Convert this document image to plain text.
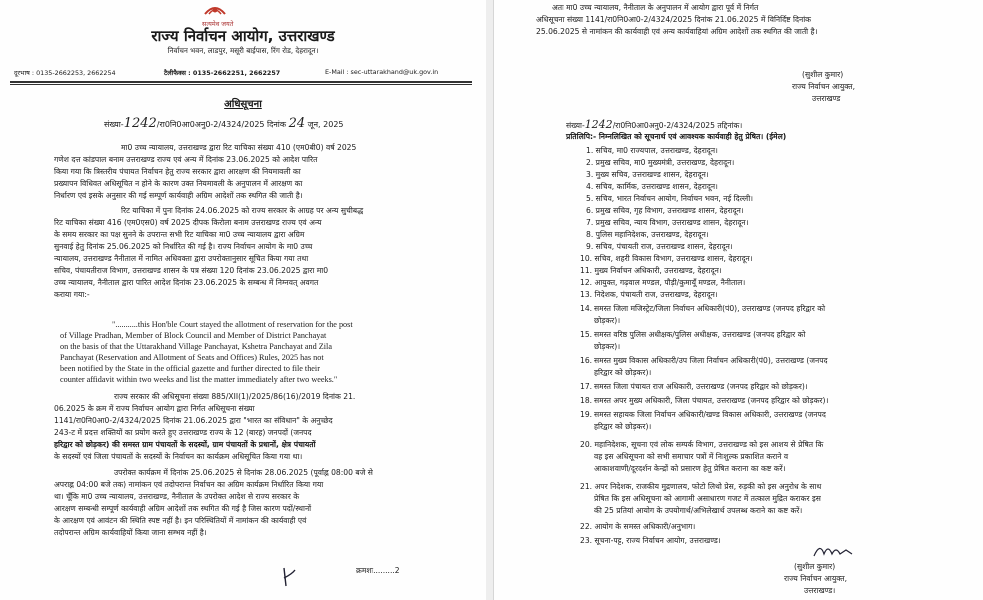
सत्यमेव जयते
राज्य निर्वाचन आयोग, उत्तराखण्ड
निर्वाचन भवन, लाडपुर, मसूरी बाईपास, रिंग रोड, देहरादून।
दूरभाष : 0135-2662253, 2662254	टैलीफैक्स : 0135-2662251, 2662257	E-Mail : sec-uttarakhand@uk.gov.in
अधिसूचना
संख्या-1242/रा0नि0आ0अनु0-2/4324/2025 दिनांक 24 जून, 2025
मा0 उच्च न्यायालय, उत्तराखण्ड द्वारा रिट याचिका संख्या 410 (एम0बी0) वर्ष 2025
गणेश दत्त कांडपाल बनाम उत्तराखण्ड राज्य एवं अन्य में दिनांक 23.06.2025 को आदेश पारित
किया गया कि त्रिस्तरीय पंचायत निर्वाचन हेतु राज्य सरकार द्वारा आरक्षण की नियमावली का
प्रख्यापन विधिवत अधिसूचित न होने के कारण उक्त नियमावली के अनुपालन में आरक्षण का
निर्धारण एवं इसके अनुसार की गई सम्पूर्ण कार्यवाही अग्रिम आदेशों तक स्थगित की जाती है।
रिट याचिका में पुनः दिनांक 24.06.2025 को राज्य सरकार के आग्रह पर अन्य सुचीबद्ध
रिट याचिका संख्या 416 (एम0एस0) वर्ष 2025 दीपक किरोला बनाम उत्तराखण्ड राज्य एवं अन्य
के समय सरकार का पक्ष सुनने के उपरान्त सभी रिट याचिका मा0 उच्च न्यायालय द्वारा अग्रिम
सुनवाई हेतु दिनांक 25.06.2025 को निर्धारित की गई है। राज्य निर्वाचन आयोग के मा0 उच्च
न्यायालय, उत्तराखण्ड नैनीताल में नामित अधिवक्ता द्वारा उपरोक्तानुसार सूचित किया गया तथा
सचिव, पंचायतीराज विभाग, उत्तराखण्ड शासन के पत्र संख्या 120 दिनांक 23.06.2025 द्वारा मा0
उच्च न्यायालय, नैनीताल द्वारा पारित आदेश दिनांक 23.06.2025 के सम्बन्ध में निम्नवत् अवगत
कराया गया:-
"...........this Hon'ble Court stayed the allotment of reservation for the post
of Village Pradhan, Member of Block Council and Member of District Panchayat
on the basis of that the Uttarakhand Village Panchayat, Kshetra Panchayat and Zila
Panchayat (Reservation and Allotment of Seats and Offices) Rules, 2025 has not
been notified by the State in the official gazette and further directed to file their
counter affidavit within two weeks and list the matter immediately after two weeks."
राज्य सरकार की अधिसूचना संख्या 885/XII(1)/2025/86(16)/2019 दिनांक 21.
06.2025 के क्रम में राज्य निर्वाचन आयोग द्वारा निर्गत अधिसूचना संख्या
1141/रा0नि0आ0-2/4324/2025 दिनांक 21.06.2025 द्वारा "भारत का संविधान" के अनुच्छेद
243-ट में प्रदत्त शक्तियों का प्रयोग करते हुए उत्तराखण्ड राज्य के 12 (बारह) जनपदों (जनपद
हरिद्वार को छोड़कर) की समस्त ग्राम पंचायतों के सदस्यों, ग्राम पंचायतों के प्रधानों, क्षेत्र पंचायतों
के सदस्यों एवं जिला पंचायतों के सदस्यों के निर्वाचन का कार्यक्रम अधिसूचित किया गया था।
उपरोक्त कार्यक्रम में दिनांक 25.06.2025 से दिनांक 28.06.2025 (पूर्वाह्न 08:00 बजे से
अपराह्न 04:00 बजे तक) नामांकन एवं तदोपरान्त निर्वाचन का अग्रिम कार्यक्रम निर्धारित किया गया
था। चूँकि मा0 उच्च न्यायालय, उत्तराखण्ड, नैनीताल के उपरोक्त आदेश से राज्य सरकार के
आरक्षण सम्बन्धी सम्पूर्ण कार्यवाही अग्रिम आदेशों तक स्थगित की गई है जिस कारण पदों/स्थानों
के आरक्षण एवं आवंटन की स्थिति स्पष्ट नहीं है। इन परिस्थितियों में नामांकन की कार्यवाही एवं
तदोपरान्त अग्रिम कार्यवाहियों किया जाना सम्भव नहीं है।
क्रमशः.........2
अतः मा0 उच्च न्यायालय, नैनीताल के अनुपालन में आयोग द्वारा पूर्व में निर्गत
अधिसूचना संख्या 1141/रा0नि0आ0-2/4324/2025 दिनांक 21.06.2025 में विनिर्दिष्ट दिनांक
25.06.2025 से नामांकन की कार्यवाही एवं अन्य कार्यवाहियां अग्रिम आदेशों तक स्थगित की जाती है।
(सुशील कुमार)
राज्य निर्वाचन आयुक्त,
उत्तराखण्ड
संख्या-1242/रा0नि0आ0अनु0-2/4324/2025 तद्दिनांक।
प्रतिलिपि:- निम्नलिखित को सूचनार्थ एवं आवश्यक कार्यवाही हेतु प्रेषित। (ईमेल)
1. सचिव, मा0 राज्यपाल, उत्तराखण्ड, देहरादून।
2. प्रमुख सचिव, मा0 मुख्यमंत्री, उत्तराखण्ड, देहरादून।
3. मुख्य सचिव, उत्तराखण्ड शासन, देहरादून।
4. सचिव, कार्मिक, उत्तराखण्ड शासन, देहरादून।
5. सचिव, भारत निर्वाचन आयोग, निर्वाचन भवन, नई दिल्ली।
6. प्रमुख सचिव, गृह विभाग, उत्तराखण्ड शासन, देहरादून।
7. प्रमुख सचिव, न्याय विभाग, उत्तराखण्ड शासन, देहरादून।
8. पुलिस महानिदेशक, उत्तराखण्ड, देहरादून।
9. सचिव, पंचायती राज, उत्तराखण्ड शासन, देहरादून।
10. सचिव, शहरी विकास विभाग, उत्तराखण्ड शासन, देहरादून।
11. मुख्य निर्वाचन अधिकारी, उत्तराखण्ड, देहरादून।
12. आयुक्त, गढ़वाल मण्डल, पौड़ी/कुमायूँ मण्डल, नैनीताल।
13. निदेशक, पंचायती राज, उत्तराखण्ड, देहरादून।
14. समस्त जिला मजिस्ट्रेट/जिला निर्वाचन अधिकारी(पं0), उत्तराखण्ड (जनपद हरिद्वार को
छोड़कर)।
15. समस्त वरिष्ठ पुलिस अधीक्षक/पुलिस अधीक्षक, उत्तराखण्ड (जनपद हरिद्वार को
छोड़कर)।
16. समस्त मुख्य विकास अधिकारी/उप जिला निर्वाचन अधिकारी(पं0), उत्तराखण्ड (जनपद
हरिद्वार को छोड़कर)।
17. समस्त जिला पंचायत राज अधिकारी, उत्तराखण्ड (जनपद हरिद्वार को छोड़कर)।
18. समस्त अपर मुख्य अधिकारी, जिला पंचायत, उत्तराखण्ड (जनपद हरिद्वार को छोड़कर)।
19. समस्त सहायक जिला निर्वाचन अधिकारी/खण्ड विकास अधिकारी, उत्तराखण्ड (जनपद
हरिद्वार को छोड़कर)।
20. महानिदेशक, सूचना एवं लोक सम्पर्क विभाग, उत्तराखण्ड को इस आशय से प्रेषित कि
वह इस अधिसूचना को सभी समाचार पत्रों में निःशुल्क प्रकाशित कराने व
आकाशवाणी/दूरदर्शन केन्द्रों को प्रसारण हेतु प्रेषित कराना का कष्ट करें।
21. अपर निदेशक, राजकीय मुद्रणालय, फोटो लिथो प्रेस, रुड़की को इस अनुरोध के साथ
प्रेषित कि इस अधिसूचना को आगामी असाधारण गजट में तत्काल मुद्रित कराकर इस
की 25 प्रतियां आयोग के उपयोगार्थ/अभिलेखार्थ उपलब्ध कराने का कष्ट करें।
22. आयोग के समस्त अधिकारी/अनुभाग।
23. सूचना-पट्ट, राज्य निर्वाचन आयोग, उत्तराखण्ड।
(सुशील कुमार)
राज्य निर्वाचन आयुक्त,
उत्तराखण्ड।
